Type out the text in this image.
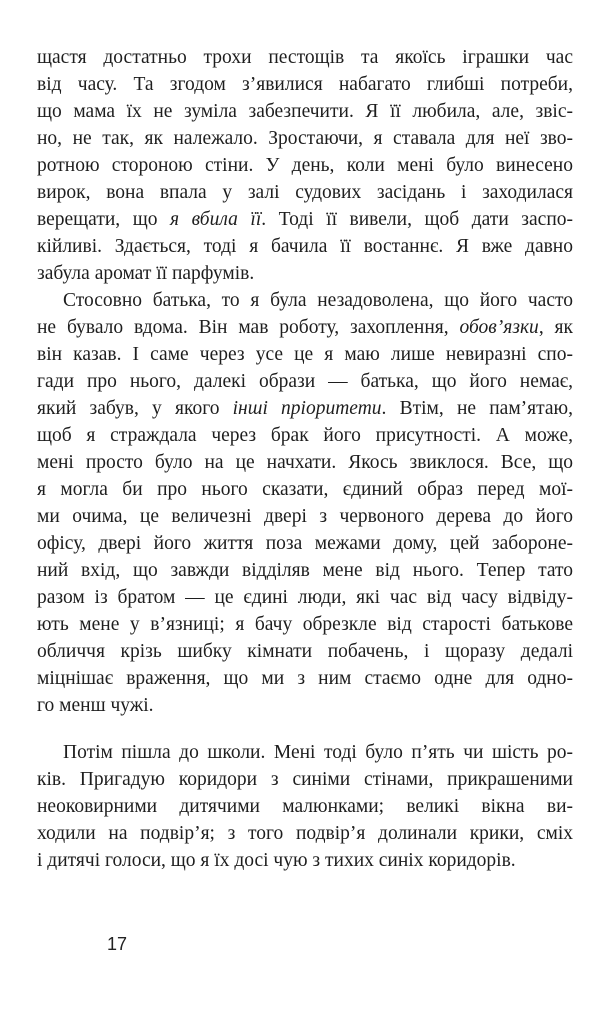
щастя достатньо трохи пестощів та якоїсь іграшки час
від часу. Та згодом з’явилися набагато глибші потреби,
що мама їх не зуміла забезпечити. Я її любила, але, звіс-
но, не так, як належало. Зростаючи, я ставала для неї зво-
ротною стороною стіни. У день, коли мені було винесено
вирок, вона впала у залі судових засідань і заходилася
верещати, що я вбила її. Тоді її вивели, щоб дати заспо-
кійливі. Здається, тоді я бачила її востаннє. Я вже давно
забула аромат її парфумів.
Стосовно батька, то я була незадоволена, що його часто
не бувало вдома. Він мав роботу, захоплення, обов’язки, як
він казав. І саме через усе це я маю лише невиразні спо-
гади про нього, далекі образи — батька, що його немає,
який забув, у якого інші пріоритети. Втім, не пам’ятаю,
щоб я страждала через брак його присутності. А може,
мені просто було на це начхати. Якось звиклося. Все, що
я могла би про нього сказати, єдиний образ перед мої-
ми очима, це величезні двері з червоного дерева до його
офісу, двері його життя поза межами дому, цей забороне-
ний вхід, що завжди відділяв мене від нього. Тепер тато
разом із братом — це єдині люди, які час від часу відвіду-
ють мене у в’язниці; я бачу обрезкле від старості батькове
обличчя крізь шибку кімнати побачень, і щоразу дедалі
міцнішає враження, що ми з ним стаємо одне для одно-
го менш чужі.
Потім пішла до школи. Мені тоді було п’ять чи шість ро-
ків. Пригадую коридори з синіми стінами, прикрашеними
неоковирними дитячими малюнками; великі вікна ви-
ходили на подвір’я; з того подвір’я долинали крики, сміх
і дитячі голоси, що я їх досі чую з тихих синіх коридорів.
17
